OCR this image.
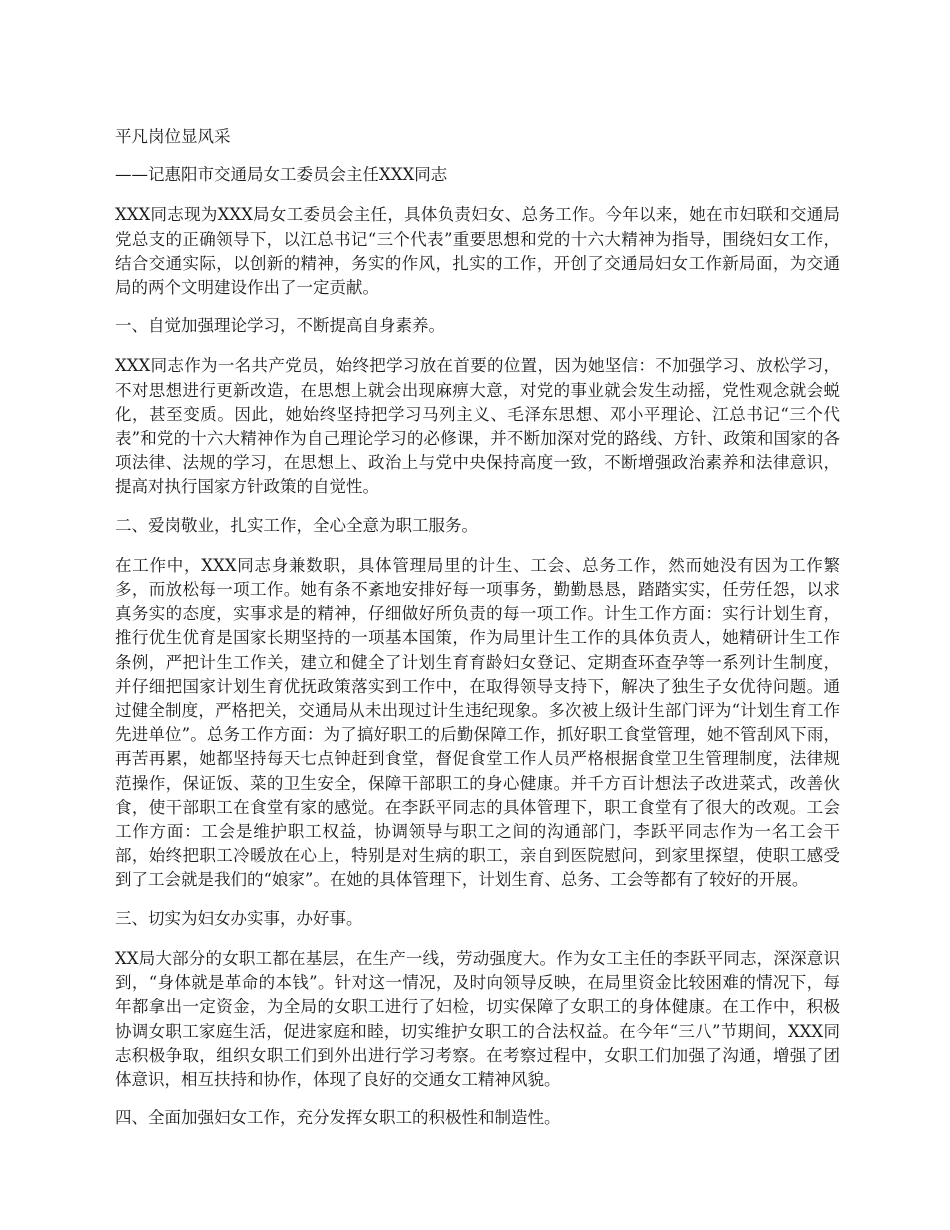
平凡岗位显风采

——记惠阳市交通局女工委员会主任XXX同志

XXX同志现为XXX局女工委员会主任，具体负责妇女、总务工作。今年以来，她在市妇联和交通局党总支的正确领导下，以江总书记“三个代表”重要思想和党的十六大精神为指导，围绕妇女工作，结合交通实际，以创新的精神，务实的作风，扎实的工作，开创了交通局妇女工作新局面，为交通局的两个文明建设作出了一定贡献。

一、自觉加强理论学习，不断提高自身素养。

XXX同志作为一名共产党员，始终把学习放在首要的位置，因为她坚信：不加强学习、放松学习，不对思想进行更新改造，在思想上就会出现麻痹大意，对党的事业就会发生动摇，党性观念就会蜕化，甚至变质。因此，她始终坚持把学习马列主义、毛泽东思想、邓小平理论、江总书记“三个代表”和党的十六大精神作为自己理论学习的必修课，并不断加深对党的路线、方针、政策和国家的各项法律、法规的学习，在思想上、政治上与党中央保持高度一致，不断增强政治素养和法律意识，提高对执行国家方针政策的自觉性。

二、爱岗敬业，扎实工作，全心全意为职工服务。

在工作中，XXX同志身兼数职，具体管理局里的计生、工会、总务工作，然而她没有因为工作繁多，而放松每一项工作。她有条不紊地安排好每一项事务，勤勤恳恳，踏踏实实，任劳任怨，以求真务实的态度，实事求是的精神，仔细做好所负责的每一项工作。计生工作方面：实行计划生育，推行优生优育是国家长期坚持的一项基本国策，作为局里计生工作的具体负责人，她精研计生工作条例，严把计生工作关，建立和健全了计划生育育龄妇女登记、定期查环查孕等一系列计生制度，并仔细把国家计划生育优抚政策落实到工作中，在取得领导支持下，解决了独生子女优待问题。通过健全制度，严格把关，交通局从未出现过计生违纪现象。多次被上级计生部门评为“计划生育工作先进单位”。总务工作方面：为了搞好职工的后勤保障工作，抓好职工食堂管理，她不管刮风下雨，再苦再累，她都坚持每天七点钟赶到食堂，督促食堂工作人员严格根据食堂卫生管理制度，法律规范操作，保证饭、菜的卫生安全，保障干部职工的身心健康。并千方百计想法子改进菜式，改善伙食，使干部职工在食堂有家的感觉。在李跃平同志的具体管理下，职工食堂有了很大的改观。工会工作方面：工会是维护职工权益，协调领导与职工之间的沟通部门，李跃平同志作为一名工会干部，始终把职工冷暖放在心上，特别是对生病的职工，亲自到医院慰问，到家里探望，使职工感受到了工会就是我们的“娘家”。在她的具体管理下，计划生育、总务、工会等都有了较好的开展。

三、切实为妇女办实事，办好事。

XX局大部分的女职工都在基层，在生产一线，劳动强度大。作为女工主任的李跃平同志，深深意识到，“身体就是革命的本钱”。针对这一情况，及时向领导反映，在局里资金比较困难的情况下，每年都拿出一定资金，为全局的女职工进行了妇检，切实保障了女职工的身体健康。在工作中，积极协调女职工家庭生活，促进家庭和睦，切实维护女职工的合法权益。在今年“三八”节期间，XXX同志积极争取，组织女职工们到外出进行学习考察。在考察过程中，女职工们加强了沟通，增强了团体意识，相互扶持和协作，体现了良好的交通女工精神风貌。

四、全面加强妇女工作，充分发挥女职工的积极性和制造性。
